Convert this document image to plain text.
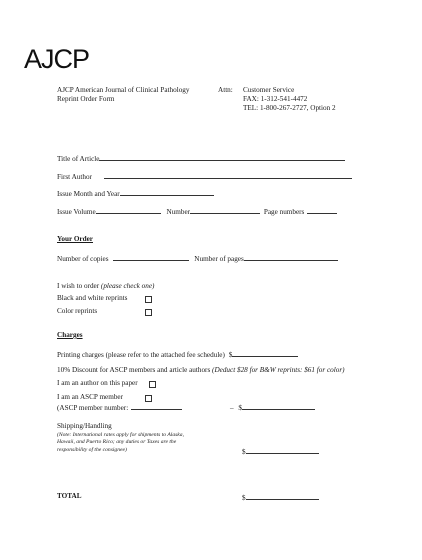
AJCP
AJCP American Journal of Clinical Pathology
Reprint Order Form
Attn: Customer Service
FAX: 1-312-541-4472
TEL: 1-800-267-2727, Option 2
Title of Article
First Author
Issue Month and Year
Issue Volume	Number	Page numbers
Your Order
Number of copies	Number of pages
I wish to order (please check one)
Black and white reprints
Color reprints
Charges
Printing charges (please refer to the attached fee schedule) $
10% Discount for ASCP members and article authors (Deduct $28 for B&W reprints: $61 for color)
I am an author on this paper
I am an ASCP member
(ASCP member number:	– $
Shipping/Handling
(Note: International rates apply for shipments to Alaska, Hawaii, and Puerto Rico; any duties or Taxes are the responsibility of the consignee)	$
TOTAL	$
